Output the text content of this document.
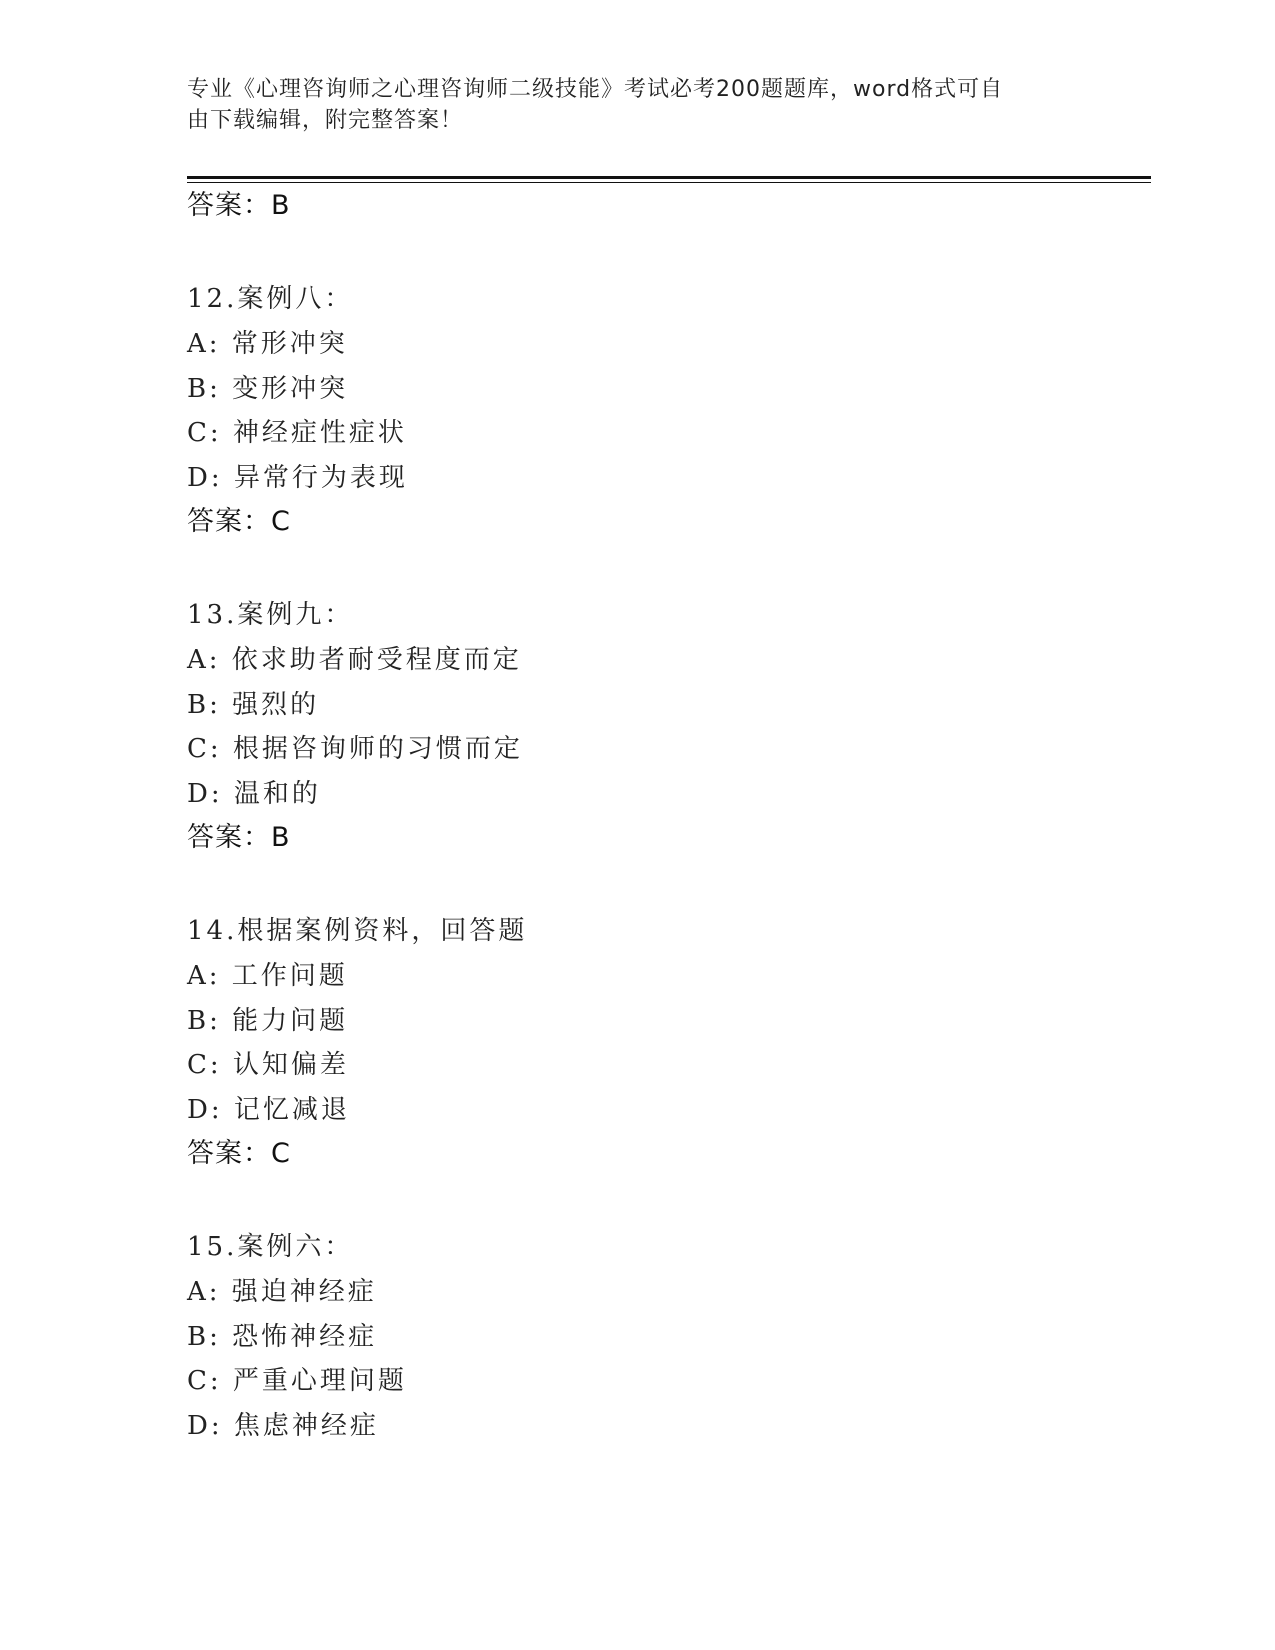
专业《心理咨询师之心理咨询师二级技能》考试必考200题题库，word格式可自
由下载编辑，附完整答案！
答案：B
12.案例八：
A: 常形冲突
B: 变形冲突
C: 神经症性症状
D: 异常行为表现
答案：C
13.案例九：
A: 依求助者耐受程度而定
B: 强烈的
C: 根据咨询师的习惯而定
D: 温和的
答案：B
14.根据案例资料，回答题
A: 工作问题
B: 能力问题
C: 认知偏差
D: 记忆减退
答案：C
15.案例六：
A: 强迫神经症
B: 恐怖神经症
C: 严重心理问题
D: 焦虑神经症
